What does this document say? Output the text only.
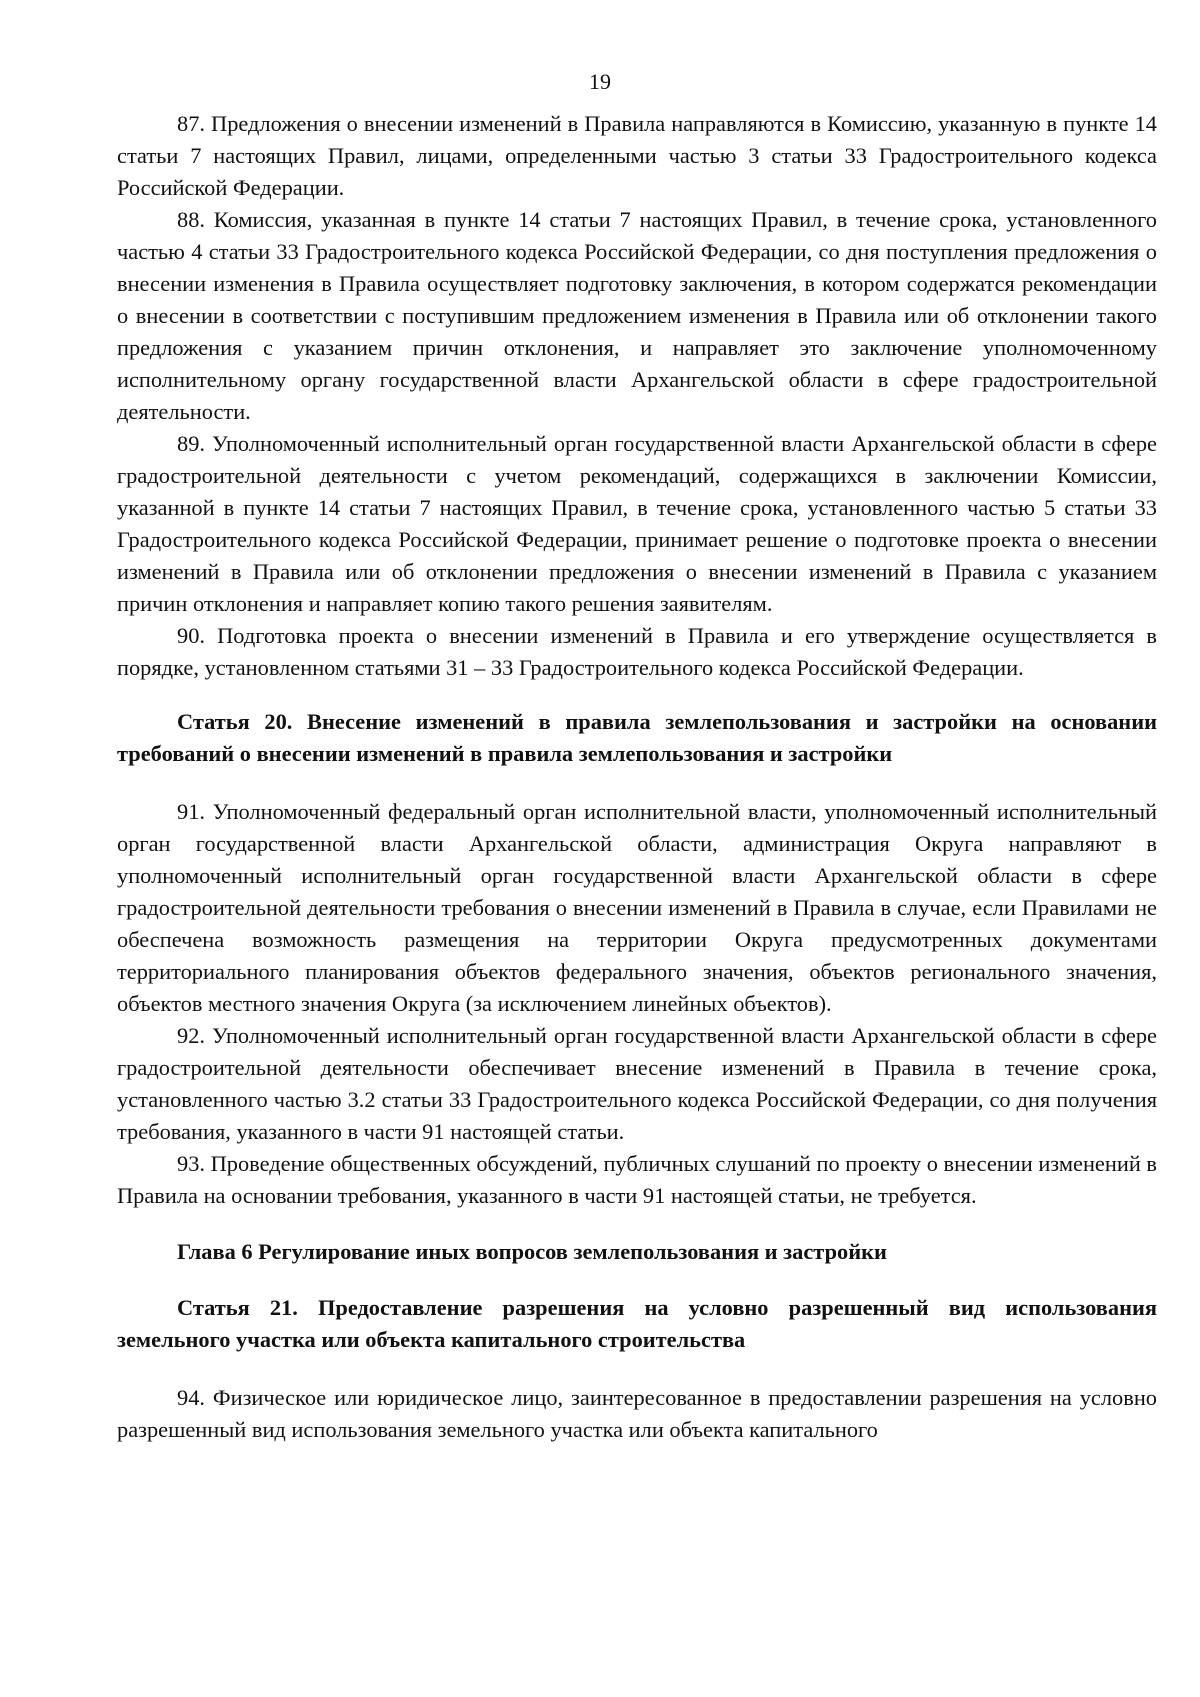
19

87. Предложения о внесении изменений в Правила направляются в Комиссию, указанную в пункте 14 статьи 7 настоящих Правил, лицами, определенными частью 3 статьи 33 Градостроительного кодекса Российской Федерации.

88. Комиссия, указанная в пункте 14 статьи 7 настоящих Правил, в течение срока, установленного частью 4 статьи 33 Градостроительного кодекса Российской Федерации, со дня поступления предложения о внесении изменения в Правила осуществляет подготовку заключения, в котором содержатся рекомендации о внесении в соответствии с поступившим предложением изменения в Правила или об отклонении такого предложения с указанием причин отклонения, и направляет это заключение уполномоченному исполнительному органу государственной власти Архангельской области в сфере градостроительной деятельности.

89. Уполномоченный исполнительный орган государственной власти Архангельской области в сфере градостроительной деятельности с учетом рекомендаций, содержащихся в заключении Комиссии, указанной в пункте 14 статьи 7 настоящих Правил, в течение срока, установленного частью 5 статьи 33 Градостроительного кодекса Российской Федерации, принимает решение о подготовке проекта о внесении изменений в Правила или об отклонении предложения о внесении изменений в Правила с указанием причин отклонения и направляет копию такого решения заявителям.

90. Подготовка проекта о внесении изменений в Правила и его утверждение осуществляется в порядке, установленном статьями 31 – 33 Градостроительного кодекса Российской Федерации.

Статья 20. Внесение изменений в правила землепользования и застройки на основании требований о внесении изменений в правила землепользования и застройки

91. Уполномоченный федеральный орган исполнительной власти, уполномоченный исполнительный орган государственной власти Архангельской области, администрация Округа направляют в уполномоченный исполнительный орган государственной власти Архангельской области в сфере градостроительной деятельности требования о внесении изменений в Правила в случае, если Правилами не обеспечена возможность размещения на территории Округа предусмотренных документами территориального планирования объектов федерального значения, объектов регионального значения, объектов местного значения Округа (за исключением линейных объектов).

92. Уполномоченный исполнительный орган государственной власти Архангельской области в сфере градостроительной деятельности обеспечивает внесение изменений в Правила в течение срока, установленного частью 3.2 статьи 33 Градостроительного кодекса Российской Федерации, со дня получения требования, указанного в части 91 настоящей статьи.

93. Проведение общественных обсуждений, публичных слушаний по проекту о внесении изменений в Правила на основании требования, указанного в части 91 настоящей статьи, не требуется.

Глава 6 Регулирование иных вопросов землепользования и застройки

Статья 21. Предоставление разрешения на условно разрешенный вид использования земельного участка или объекта капитального строительства

94. Физическое или юридическое лицо, заинтересованное в предоставлении разрешения на условно разрешенный вид использования земельного участка или объекта капитального
